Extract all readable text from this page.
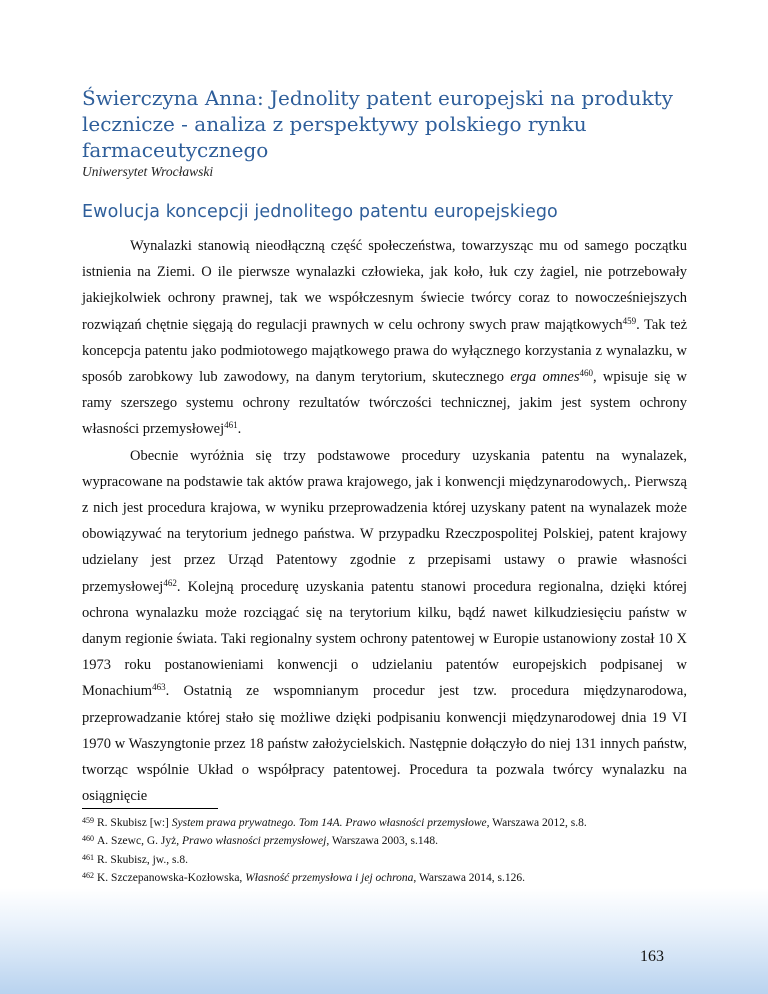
Świerczyna Anna: Jednolity patent europejski na produkty lecznicze - analiza z perspektywy polskiego rynku farmaceutycznego
Uniwersytet Wrocławski
Ewolucja koncepcji jednolitego patentu europejskiego

Wynalazki stanowią nieodłączną część społeczeństwa, towarzysząc mu od samego początku istnienia na Ziemi. O ile pierwsze wynalazki człowieka, jak koło, łuk czy żagiel, nie potrzebowały jakiejkolwiek ochrony prawnej, tak we współczesnym świecie twórcy coraz to nowocześniejszych rozwiązań chętnie sięgają do regulacji prawnych w celu ochrony swych praw majątkowych$^{459}$. Tak też koncepcja patentu jako podmiotowego majątkowego prawa do wyłącznego korzystania z wynalazku, w sposób zarobkowy lub zawodowy, na danym terytorium, skutecznego erga omnes$^{460}$, wpisuje się w ramy szerszego systemu ochrony rezultatów twórczości technicznej, jakim jest system ochrony własności przemysłowej$^{461}$.

Obecnie wyróżnia się trzy podstawowe procedury uzyskania patentu na wynalazek, wypracowane na podstawie tak aktów prawa krajowego, jak i konwencji międzynarodowych,. Pierwszą z nich jest procedura krajowa, w wyniku przeprowadzenia której uzyskany patent na wynalazek może obowiązywać na terytorium jednego państwa. W przypadku Rzeczpospolitej Polskiej, patent krajowy udzielany jest przez Urząd Patentowy zgodnie z przepisami ustawy o prawie własności przemysłowej$^{462}$. Kolejną procedurę uzyskania patentu stanowi procedura regionalna, dzięki której ochrona wynalazku może rozciągać się na terytorium kilku, bądź nawet kilkudziesięciu państw w danym regionie świata. Taki regionalny system ochrony patentowej w Europie ustanowiony został 10 X 1973 roku postanowieniami konwencji o udzielaniu patentów europejskich podpisanej w Monachium$^{463}$. Ostatnią ze wspomnianym procedur jest tzw. procedura międzynarodowa, przeprowadzanie której stało się możliwe dzięki podpisaniu konwencji międzynarodowej dnia 19 VI 1970 w Waszyngtonie przez 18 państw założycielskich. Następnie dołączyło do niej 131 innych państw, tworząc wspólnie Układ o współpracy patentowej. Procedura ta pozwala twórcy wynalazku na osiągnięcie

$^{459}$ R. Skubisz [w:] System prawa prywatnego. Tom 14A. Prawo własności przemysłowe, Warszawa 2012, s.8.
$^{460}$ A. Szewc, G. Jyż, Prawo własności przemysłowej, Warszawa 2003, s.148.
$^{461}$ R. Skubisz, jw., s.8.
$^{462}$ K. Szczepanowska-Kozłowska, Własność przemysłowa i jej ochrona, Warszawa 2014, s.126.
163
